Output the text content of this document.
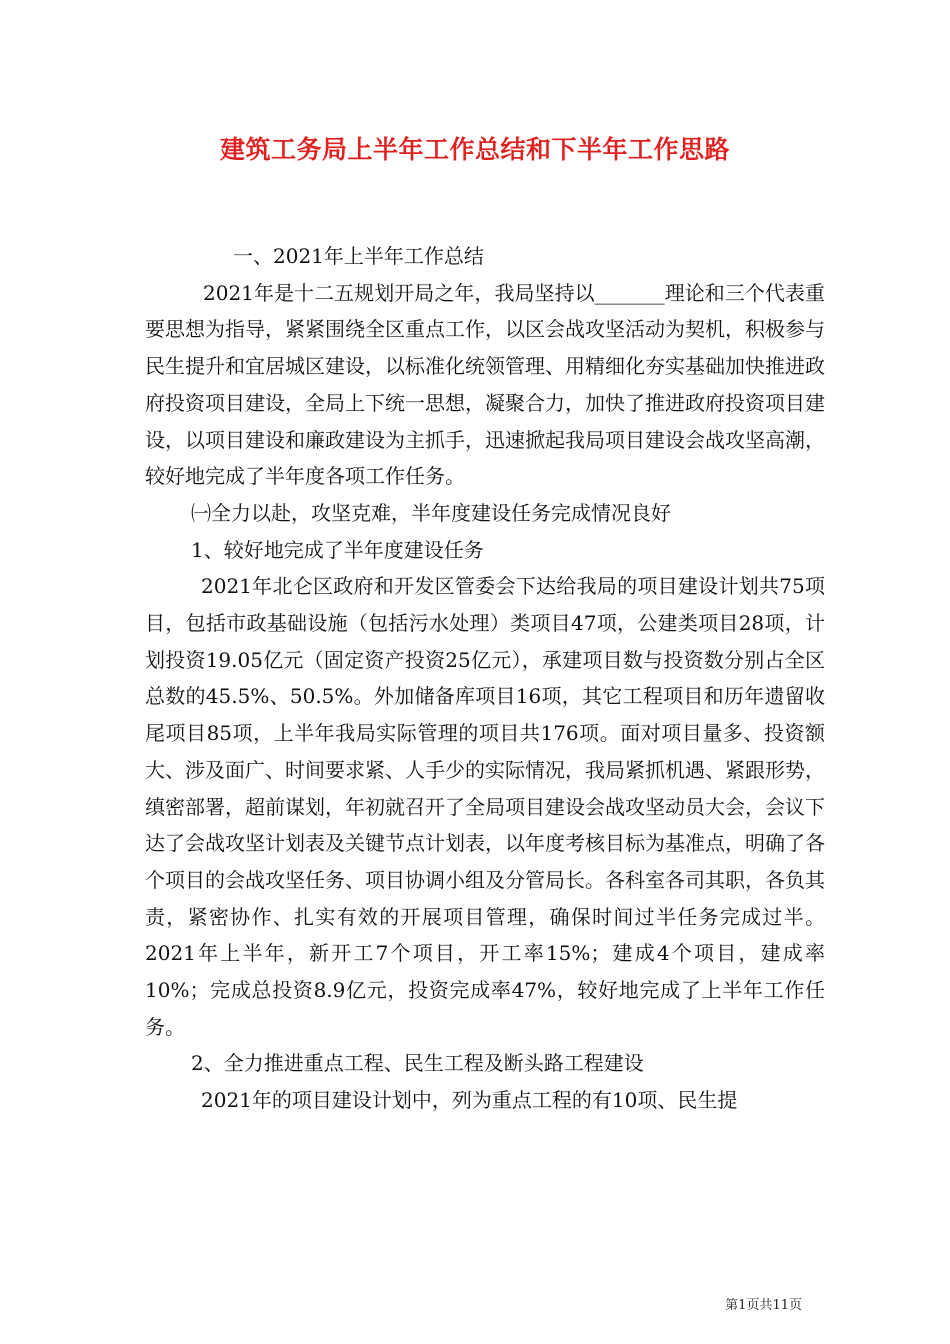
建筑工务局上半年工作总结和下半年工作思路

一、2021年上半年工作总结

2021年是十二五规划开局之年，我局坚持以_______理论和三个代表重要思想为指导，紧紧围绕全区重点工作，以区会战攻坚活动为契机，积极参与民生提升和宜居城区建设，以标准化统领管理、用精细化夯实基础加快推进政府投资项目建设，全局上下统一思想，凝聚合力，加快了推进政府投资项目建设，以项目建设和廉政建设为主抓手，迅速掀起我局项目建设会战攻坚高潮，较好地完成了半年度各项工作任务。

㈠全力以赴，攻坚克难，半年度建设任务完成情况良好

1、较好地完成了半年度建设任务

2021年北仑区政府和开发区管委会下达给我局的项目建设计划共75项目，包括市政基础设施（包括污水处理）类项目47项，公建类项目28项，计划投资19.05亿元（固定资产投资25亿元），承建项目数与投资数分别占全区总数的45.5%、50.5%。外加储备库项目16项，其它工程项目和历年遗留收尾项目85项，上半年我局实际管理的项目共176项。面对项目量多、投资额大、涉及面广、时间要求紧、人手少的实际情况，我局紧抓机遇、紧跟形势，缜密部署，超前谋划，年初就召开了全局项目建设会战攻坚动员大会，会议下达了会战攻坚计划表及关键节点计划表，以年度考核目标为基准点，明确了各个项目的会战攻坚任务、项目协调小组及分管局长。各科室各司其职，各负其责，紧密协作、扎实有效的开展项目管理，确保时间过半任务完成过半。2021年上半年，新开工7个项目，开工率15%；建成4个项目，建成率10%；完成总投资8.9亿元，投资完成率47%，较好地完成了上半年工作任务。

2、全力推进重点工程、民生工程及断头路工程建设

2021年的项目建设计划中，列为重点工程的有10项、民生提

第1页共11页
